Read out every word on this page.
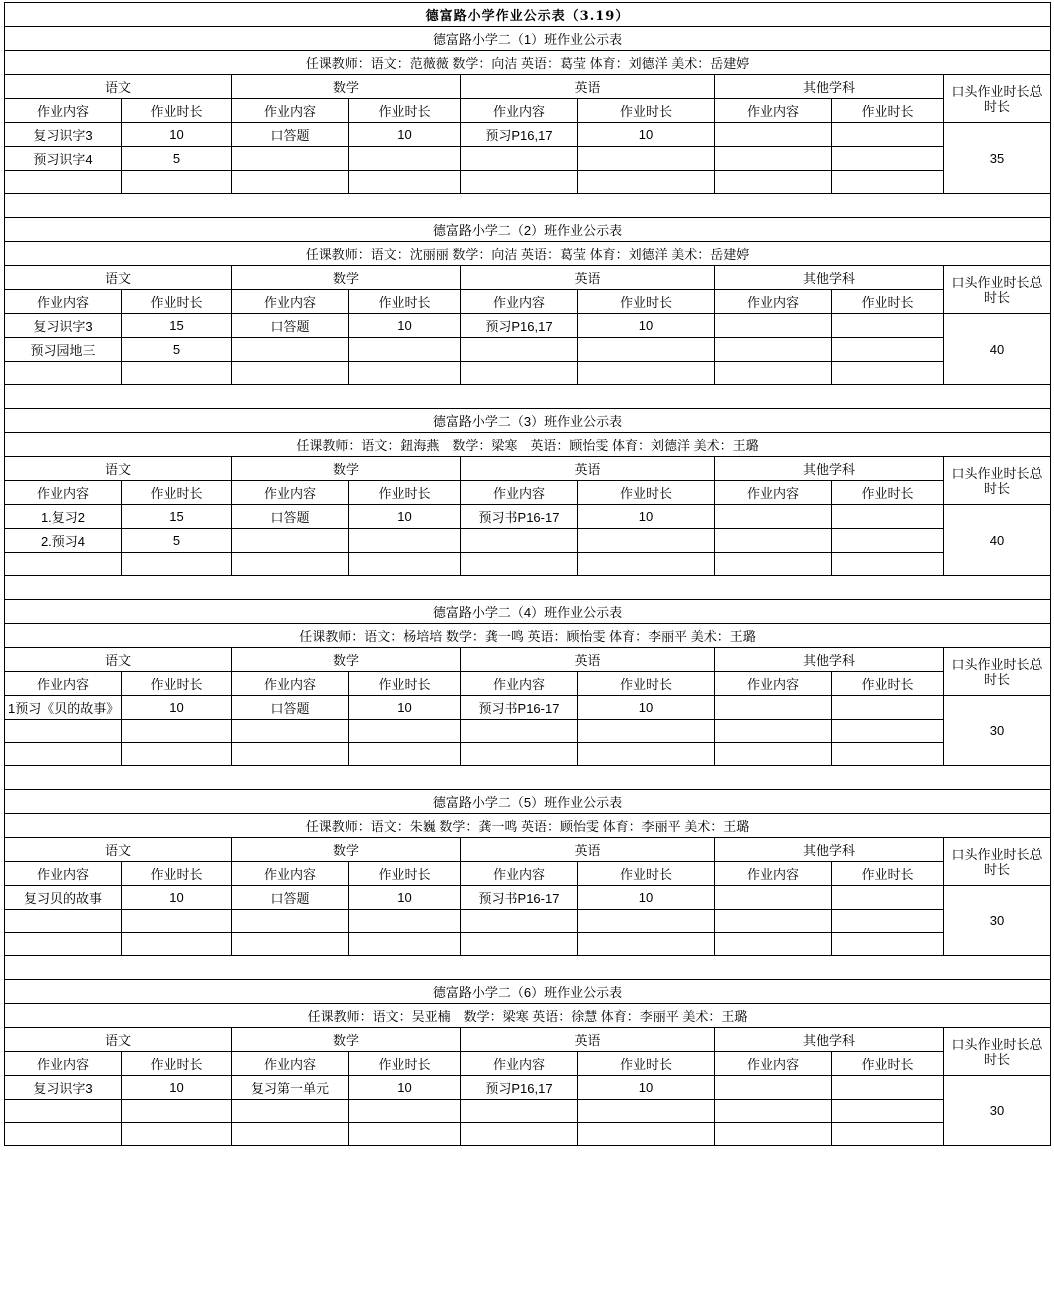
德富路小学作业公示表（3.19）								
德富路小学二（1）班作业公示表								
任课教师：语文：范薇薇 数学：向洁 英语：葛莹 体育：刘德洋 美术：岳建婷								
语文		数学		英语		其他学科		口头作业时长总时长
作业内容	作业时长	作业内容	作业时长	作业内容	作业时长	作业内容	作业时长	
复习识字3	10	口答题	10	预习P16,17	10			35
预习识字4	5							

德富路小学二（2）班作业公示表								
任课教师：语文：沈丽丽 数学：向洁 英语：葛莹 体育：刘德洋 美术：岳建婷								
语文		数学		英语		其他学科		口头作业时长总时长
作业内容	作业时长	作业内容	作业时长	作业内容	作业时长	作业内容	作业时长	
复习识字3	15	口答题	10	预习P16,17	10			40
预习园地三	5							

德富路小学二（3）班作业公示表								
任课教师：语文：鈕海燕　数学：梁寒　英语：顾怡雯 体育：刘德洋 美术：王璐								
语文		数学		英语		其他学科		口头作业时长总时长
作业内容	作业时长	作业内容	作业时长	作业内容	作业时长	作业内容	作业时长	
1.复习2	15	口答题	10	预习书P16-17	10			40
2.预习4	5							

德富路小学二（4）班作业公示表								
任课教师：语文：杨培培 数学：龚一鸣 英语：顾怡雯 体育：李丽平 美术：王璐								
语文		数学		英语		其他学科		口头作业时长总时长
作业内容	作业时长	作业内容	作业时长	作业内容	作业时长	作业内容	作业时长	
1预习《贝的故事》	10	口答题	10	预习书P16-17	10			30

德富路小学二（5）班作业公示表								
任课教师：语文：朱巍 数学：龚一鸣 英语：顾怡雯 体育：李丽平 美术：王璐								
语文		数学		英语		其他学科		口头作业时长总时长
作业内容	作业时长	作业内容	作业时长	作业内容	作业时长	作业内容	作业时长	
复习贝的故事	10	口答题	10	预习书P16-17	10			30

德富路小学二（6）班作业公示表								
任课教师：语文：吴亚楠　数学：梁寒 英语：徐慧 体育：李丽平 美术：王璐								
语文		数学		英语		其他学科		口头作业时长总时长
作业内容	作业时长	作业内容	作业时长	作业内容	作业时长	作业内容	作业时长	
复习识字3	10	复习第一单元	10	预习P16,17	10			30
